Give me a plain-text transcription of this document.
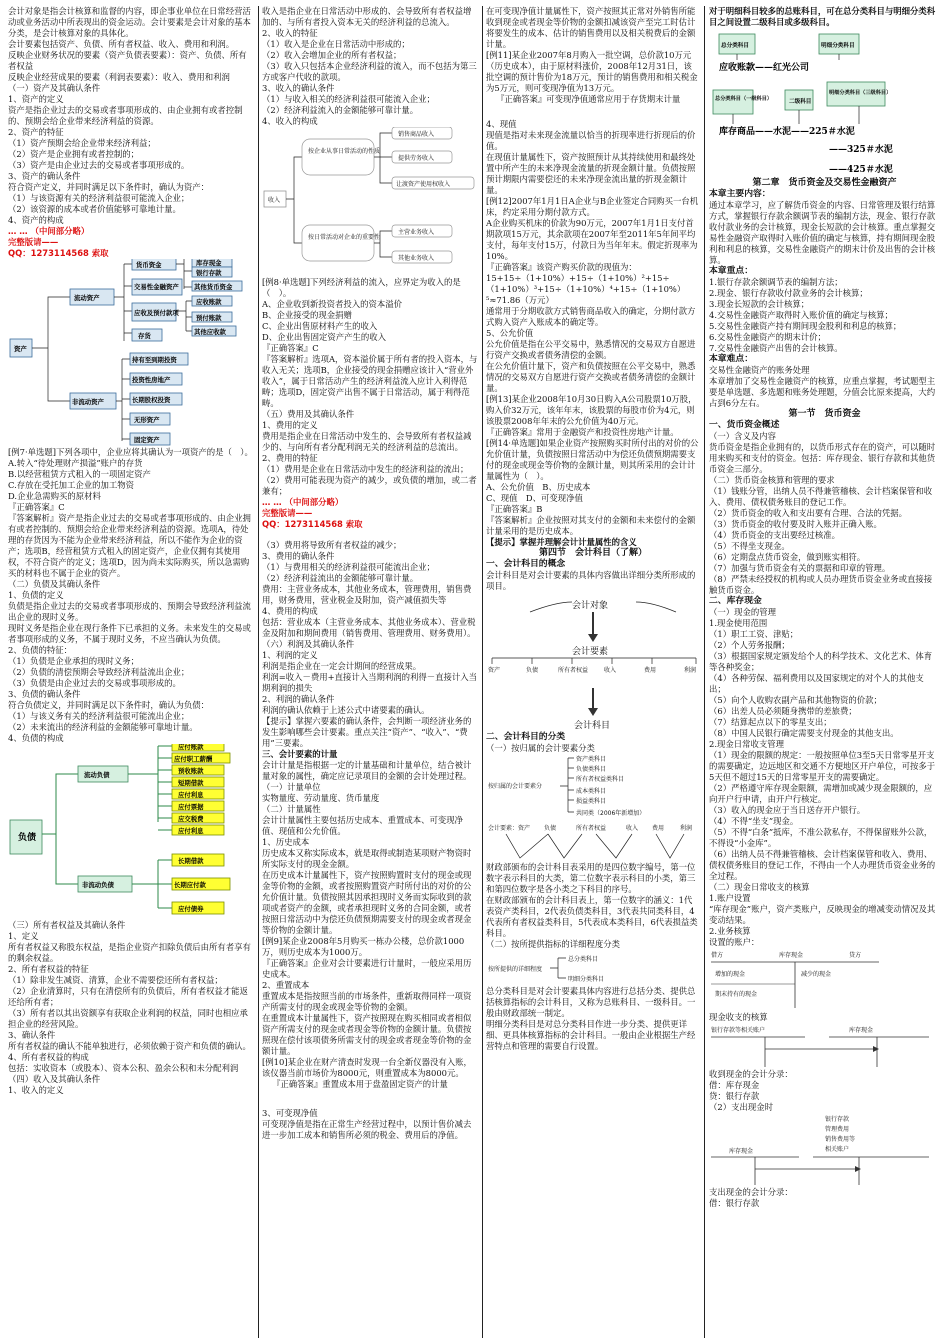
会计对象是指会计核算和监督的内容，即企事业单位在日常经营活动或业务活动中所表现出的资金运动。会计要素是会计对象的基本分类，是会计核算对象的具体化。

会计要素包括资产、负债、所有者权益、收入、费用和利润。

反映企业财务状况的要素（资产负债表要素）：资产、负债、所有者权益

反映企业经营成果的要素（利润表要素）：收入、费用和利润

（一）资产及其确认条件

1、资产的定义

资产是指企业过去的交易或者事项形成的、由企业拥有或者控制的、预期会给企业带来经济利益的资源。

2、资产的特征

（1）资产预期会给企业带来经济利益；

（2）资产是企业拥有或者控制的；

（3）资产是由企业过去的交易或者事项形成的。

3、资产的确认条件

符合资产定义，并同时满足以下条件时，确认为资产：

（1）与该资源有关的经济利益很可能流入企业；

（2）该资源的成本或者价值能够可靠地计量。

4、资产的构成

… … （中间部分略）

完整版请——

QQ：1273114568 索取

资产
流动资产
货币资金
交易性金融资产
应收及预付款项
存货
库存现金
银行存款
其他货币资金
应收账款
预付账款
其他应收款
非流动资产
持有至到期投资
投资性房地产
长期股权投资
无形资产
固定资产

[例7·单选题]下列各项中，企业应将其确认为一项资产的是（　）。

A.转入“待处理财产损溢”账户的存货

B.以经营租赁方式租入的一项固定资产

C.存放在受托加工企业的加工物资

D.企业急需购买的原材料

『正确答案』C

『答案解析』资产是指企业过去的交易或者事项形成的、由企业拥有或者控制的、预期会给企业带来经济利益的资源。选项A，待处理的存货因为不能为企业带来经济利益，所以不能作为企业的资产；选项B，经营租赁方式租入的固定资产，企业仅拥有其使用权，不符合资产的定义；选项D，因为尚未实际购买，所以急需购买的材料也不属于企业的资产。

（二）负债及其确认条件

1、负债的定义

负债是指企业过去的交易或者事项形成的、预期会导致经济利益流出企业的现时义务。

现时义务是指企业在现行条件下已承担的义务。未来发生的交易或者事项形成的义务，不属于现时义务，不应当确认为负债。

2、负债的特征：

（1）负债是企业承担的现时义务；

（2）负债的清偿预期会导致经济利益流出企业；

（3）负债是由企业过去的交易或事项形成的。

3、负债的确认条件

符合负债定义，并同时满足以下条件时，确认为负债：

（1）与该义务有关的经济利益很可能流出企业；

（2）未来流出的经济利益的金额能够可靠地计量。

4、负债的构成

负债
流动负债
应付账款
应付职工薪酬
预收账款
短期借款
应付利息
应付票据
应交税费
应付利息
非流动负债
长期借款
长期应付款
应付债券

（三）所有者权益及其确认条件

1、定义

所有者权益又称股东权益，是指企业资产扣除负债后由所有者享有的剩余权益。

2、所有者权益的特征

（1）除非发生减资、清算，企业不需要偿还所有者权益；

（2）企业清算时，只有在清偿所有的负债后，所有者权益才能返还给所有者；

（3）所有者以其出资额享有获取企业利润的权益，同时也相应承担企业的经营风险。

3、确认条件

所有者权益的确认不能单独进行，必须依赖于资产和负债的确认。

4、所有者权益的构成

包括：实收资本（或股本）、资本公积、盈余公积和未分配利润

（四）收入及其确认条件

1、收入的定义

收入是指企业在日常活动中形成的、会导致所有者权益增加的、与所有者投入资本无关的经济利益的总流入。

2、收入的特征

（1）收入是企业在日常活动中形成的；

（2）收入会增加企业的所有者权益；

（3）收入只包括本企业经济利益的流入，而不包括为第三方或客户代收的款项。

3、收入的确认条件

（1）与收入相关的经济利益很可能流入企业；

（2）经济利益流入的金额能够可靠计量。

4、收入的构成

收入
按企业从事日常活动的性质
按日常活动对企业的重要性
销售商品收入
提供劳务收入
让渡资产使用权收入
主营业务收入
其他业务收入

[例8·单选题]下列经济利益的流入，应界定为收入的是（　）。

A、企业收到新投资者投入的资本溢价

B、企业接受的现金捐赠

C、企业出售原材料产生的收入

D、企业出售固定资产产生的收入

『正确答案』C

『答案解析』选项A，资本溢价属于所有者的投入资本，与收入无关；选项B，企业接受的现金捐赠应该计入“营业外收入”，属于日常活动产生的经济利益流入应计入利得范畴；选项D，固定资产出售不属于日常活动，属于利得范畴。

（五）费用及其确认条件

1、费用的定义

费用是指企业在日常活动中发生的、会导致所有者权益减少的、与向所有者分配利润无关的经济利益的总流出。

2、费用的特征

（1）费用是企业在日常活动中发生的经济利益的流出；

（2）费用可能表现为资产的减少，或负债的增加，或二者兼有；

… … （中间部分略）

完整版请——

QQ：1273114568 索取

（3）费用将导致所有者权益的减少；

3、费用的确认条件

（1）与费用相关的经济利益很可能流出企业；

（2）经济利益流出的金额能够可靠计量。

费用：主营业务成本，其他业务成本，管理费用，销售费用，财务费用，营业税金及附加，资产减值损失等

4、费用的构成

包括：营业成本（主营业务成本、其他业务成本）、营业税金及附加和期间费用（销售费用、管理费用、财务费用）。

（六）利润及其确认条件

1、利润的定义

利润是指企业在一定会计期间的经营成果。

利润=收入－费用+直接计入当期利润的利得－直接计入当期利润的损失

2、利润的确认条件

利润的确认依赖于上述公式中诸要素的确认。

【提示】掌握六要素的确认条件，会判断一项经济业务的发生影响哪些会计要素。重点关注“资产”、“收入”、“费用”三要素。

三、会计要素的计量

会计计量是指根据一定的计量基础和计量单位，结合被计量对象的属性，确定应记录项目的金额的会计处理过程。

（一）计量单位

实物量度、劳动量度、货币量度

（二）计量属性

会计计量属性主要包括历史成本、重置成本、可变现净值、现值和公允价值。

1、历史成本

历史成本又称实际成本，就是取得或制造某项财产物资时所实际支付的现金金额。

在历史成本计量属性下，资产按照购置时支付的现金或现金等价物的金额，或者按照购置资产时所付出的对价的公允价值计量。负债按照其因承担现时义务而实际收到的款项或者资产的金额，或者承担现时义务的合同金额，或者按照日常活动中为偿还负债预期需要支付的现金或者现金等价物的金额计量。

[例9]某企业2008年5月购买一栋办公楼，总价款1000万，则历史成本为1000万。

『正确答案』企业对会计要素进行计量时，一般应采用历史成本。

2、重置成本

重置成本是指按照当前的市场条件，重新取得同样一项资产所需支付的现金或现金等价物的金额。

在重置成本计量属性下，资产按照现在购买相同或者相似资产所需支付的现金或者现金等价物的金额计量。负债按照现在偿付该项债务所需支付的现金或者现金等价物的金额计量。

[例10]某企业在财产清查时发现一台全新仪器没有入账，该仪器当前市场价为8000元，则重置成本为8000元。

『正确答案』重置成本用于盘盈固定资产的计量

3、可变现净值

可变现净值是指在正常生产经营过程中，以预计售价减去进一步加工成本和销售所必须的税金、费用后的净值。

在可变现净值计量属性下，资产按照其正常对外销售所能收到现金或者现金等价物的金额扣减该资产至完工时估计将要发生的成本、估计的销售费用以及相关税费后的金额计量。

[例11]某企业2007年8月购入一批空调，总价款10万元（历史成本），由于原材料涨价，2008年12月31日，该批空调的预计售价为18万元，预计的销售费用和相关税金为5万元，则可变现净值为13万元。

『正确答案』可变现净值通常应用于存货期末计量

4、现值

现值是指对未来现金流量以恰当的折现率进行折现后的价值。

在现值计量属性下，资产按照预计从其持续使用和最终处置中所产生的未来净现金流量的折现金额计量。负债按照预计期限内需要偿还的未来净现金流出量的折现金额计量。

[例12]2007年1月1日A企业与B企业签定合同购买一台机床，约定采用分期付款方式。

A企业购买机床的价款为90万元，2007年1月1日支付首期款项15万元，其余款项在2007年至2011年5年间平均支付，每年支付15万，付款日为当年年末。假定折现率为10%。

『正确答案』该资产购买价款的现值为：

15+15÷（1+10%）+15÷（1+10%）²+15÷（1+10%）³+15÷（1+10%）⁴+15÷（1+10%）⁵≈71.86（万元）

通常用于分期收款方式销售商品收入的确定，分期付款方式购入资产入账成本的确定等。

5、公允价值

公允价值是指在公平交易中，熟悉情况的交易双方自愿进行资产交换或者债务清偿的金额。

在公允价值计量下，资产和负债按照在公平交易中，熟悉情况的交易双方自愿进行资产交换或者债务清偿的金额计量。

[例13]某企业2008年10月30日购入A公司股票10万股，购入价32万元，该年年末，该股票的每股市价为4元，则该股票2008年年末的公允价值为40万元。

『正确答案』常用于金融资产和投资性房地产计量。

[例14·单选题]如果企业资产按照购买时所付出的对价的公允价值计量，负债按照日常活动中为偿还负债预期需要支付的现金或现金等价物的金额计量，则其所采用的会计计量属性为（　）。

A、公允价值　B、历史成本

C、现值　D、可变现净值

『正确答案』B

『答案解析』企业按照对其支付的金额和未来偿付的金额计量采用的是历史成本。

【提示】掌握并理解会计计量属性的含义

第四节　会计科目（了解）

一、会计科目的概念

会计科目是对会计要素的具体内容做出详细分类所形成的项目。

会计对象
会计要素
资产	负债	所有者权益	收入	费用	利润
会计科目

二、会计科目的分类

（一）按归属的会计要素分类

按归属的会计要素分
资产类科目
负债类科目
所有者权益类科目
成本类科目
损益类科目
共同类（2006年新增加）
会计要素：资产 负债	所有者权益	收入 费用	利润

财政部颁布的会计科目表采用的是四位数字编号，第一位数字表示科目的大类，第二位数字表示科目的小类，第三和第四位数字是各小类之下科目的序号。

在财政部颁布的会计科目表上，第一位数字的涵义：1代表资产类科目，2代表负债类科目，3代表共同类科目，4代表所有者权益类科目，5代表成本类科目，6代表损益类科目。

（二）按所提供指标的详细程度分类

按所提供的详细程度
总分类科目
明细分类科目

总分类科目是对会计要素具体内容进行总括分类、提供总括核算指标的会计科目，又称为总账科目、一级科目。一般由财政部统一制定。

明细分类科目是对总分类科目作进一步分类、提供更详细、更具体核算指标的会计科目。一般由企业根据生产经营特点和管理的需要自行设置。

对于明细科目较多的总账科目，可在总分类科目与明细分类科目之间设置二级科目或多级科目。

总分类科目	明细分类科目
应收账款——红光公司
总分类科目（一级科目）	二级科目
明细分类科目（三级科目）
库存商品——水泥——225＃水泥
——325＃水泥
——425＃水泥

第二章　货币资金及交易性金融资产

本章主要内容：

通过本章学习，应了解货币资金的内容、日常管理及银行结算方式，掌握银行存款余额调节表的编制方法，现金、银行存款收付款业务的会计核算，现金长短款的会计核算。重点掌握交易性金融资产取得时入账价值的确定与核算，持有期间现金股利和利息的核算，交易性金融资产的期末计价及出售的会计核算。

本章重点：

1.银行存款余额调节表的编制方法；

2.现金、银行存款收付款业务的会计核算；

3.现金长短款的会计核算；

4.交易性金融资产取得时入账价值的确定与核算；

5.交易性金融资产持有期间现金股利和利息的核算；

6.交易性金融资产的期末计价；

7.交易性金融资产出售的会计核算。

本章难点：

交易性金融资产的账务处理

本章增加了交易性金融资产的核算，应重点掌握，考试题型主要是单选题、多选题和账务处理题，分值会比原来提高，大约占到6分左右。

第一节　货币资金

一、货币资金概述

（一）含义及内容

货币资金是指企业拥有的，以货币形式存在的资产，可以随时用来购买和支付的资金。包括：库存现金、银行存款和其他货币资金三部分。

（二）货币资金核算和管理的要求

（1）钱账分管，出纳人员不得兼管稽核、会计档案保管和收入、费用、债权债务账目的登记工作。

（2）货币资金的收入和支出要有合理、合法的凭据。

（3）货币资金的收付要及时入账并正确入账。

（4）货币资金的支出要经过核准。

（5）不得坐支现金。

（6）定期盘点货币资金，做到账实相符。

（7）加强与货币资金有关的票据和印章的管理。

（8）严禁未经授权的机构或人员办理货币资金业务或直接接触货币资金。

二、库存现金

（一）现金的管理

1.现金使用范围

（1）职工工资、津贴；

（2）个人劳务报酬；

（3）根据国家规定颁发给个人的科学技术、文化艺术、体育等各种奖金；

（4）各种劳保、福利费用以及国家规定的对个人的其他支出；

（5）向个人收购农副产品和其他物资的价款；

（6）出差人员必须随身携带的差旅费；

（7）结算起点以下的零星支出；

（8）中国人民银行确定需要支付现金的其他支出。

2.现金日常收支管理

（1）现金的限额的规定：一般按照单位3至5天日常零星开支的需要确定，边远地区和交通不方便地区开户单位，可按多于5天但不超过15天的日常零星开支的需要确定。

（2）严格遵守库存现金限额，需增加或减少现金限额的，应向开户行申请，由开户行核定。

（3）收入的现金应于当日送存开户银行。

（4）不得“坐支”现金。

（5）不得“白条”抵库，不准公款私存，不得保留账外公款，不得设“小金库”。

（6）出纳人员不得兼管稽核、会计档案保管和收入、费用、债权债务账目的登记工作，不得由一个人办理货币资金业务的全过程。

（二）现金日常收支的核算

1.账户设置

“库存现金”账户，资产类账户，反映现金的增减变动情况及其变动结果。

2.业务核算

设置的账户：

借方	库存现金	贷方
增加的现金	减少的现金
期末持有的现金

现金收支的核算

银行存款等相关账户	库存现金

收到现金的会计分录：

借：库存现金

贷：银行存款

（2）支出现金时

银行存款
管理费用
销售费用等
相关账户
库存现金

支出现金的会计分录：

借：银行存款
